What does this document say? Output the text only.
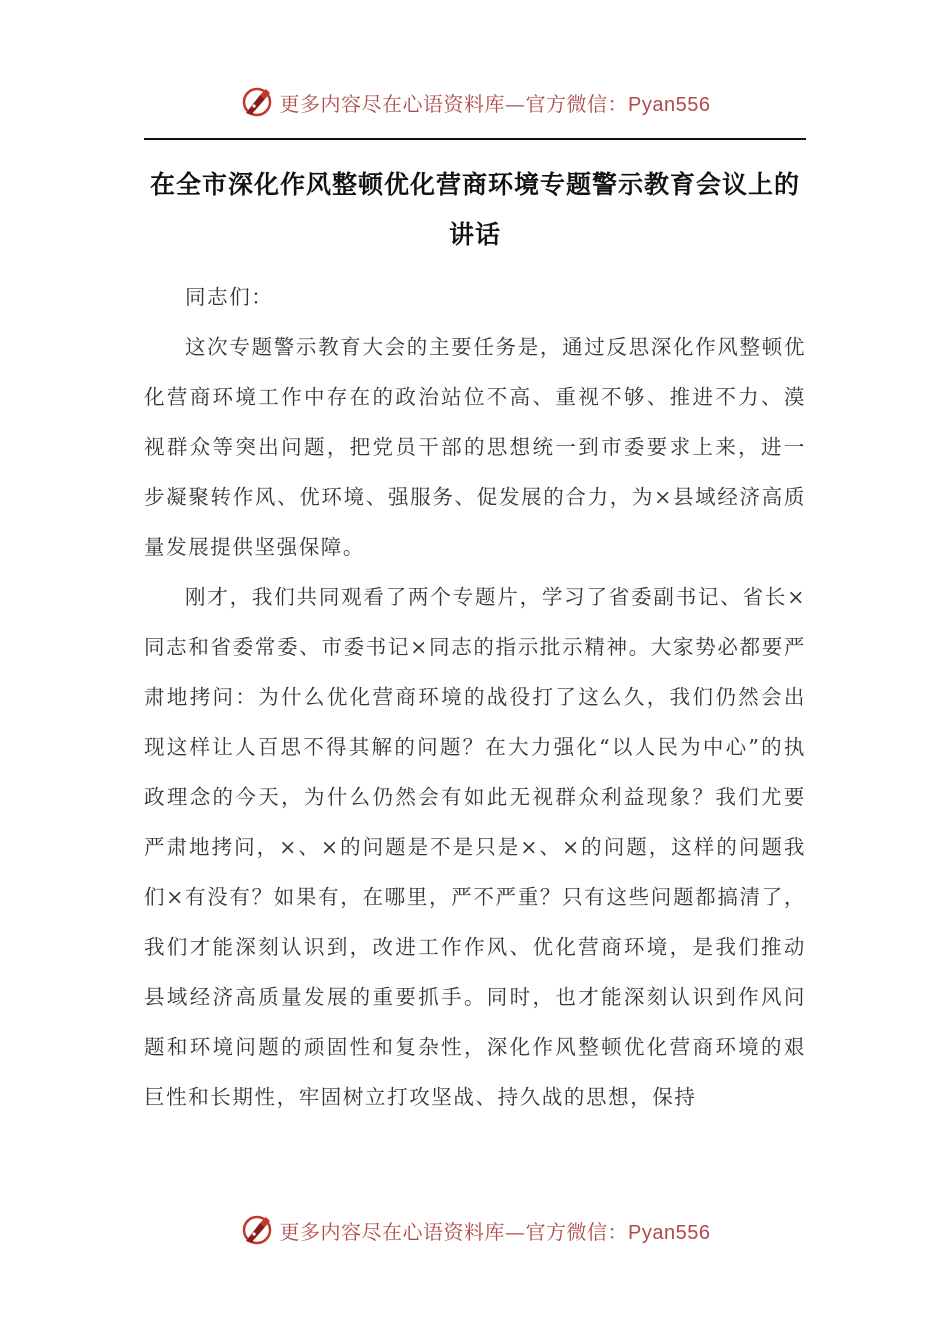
更多内容尽在心语资料库—官方微信：Pyan556
在全市深化作风整顿优化营商环境专题警示教育会议上的讲话

同志们：

这次专题警示教育大会的主要任务是，通过反思深化作风整顿优化营商环境工作中存在的政治站位不高、重视不够、推进不力、漠视群众等突出问题，把党员干部的思想统一到市委要求上来，进一步凝聚转作风、优环境、强服务、促发展的合力，为×县域经济高质量发展提供坚强保障。

刚才，我们共同观看了两个专题片，学习了省委副书记、省长×同志和省委常委、市委书记×同志的指示批示精神。大家势必都要严肃地拷问：为什么优化营商环境的战役打了这么久，我们仍然会出现这样让人百思不得其解的问题？在大力强化“以人民为中心”的执政理念的今天，为什么仍然会有如此无视群众利益现象？我们尤要严肃地拷问，×、×的问题是不是只是×、×的问题，这样的问题我们×有没有？如果有，在哪里，严不严重？只有这些问题都搞清了，我们才能深刻认识到，改进工作作风、优化营商环境，是我们推动县域经济高质量发展的重要抓手。同时，也才能深刻认识到作风问题和环境问题的顽固性和复杂性，深化作风整顿优化营商环境的艰巨性和长期性，牢固树立打攻坚战、持久战的思想，保持

更多内容尽在心语资料库—官方微信：Pyan556
